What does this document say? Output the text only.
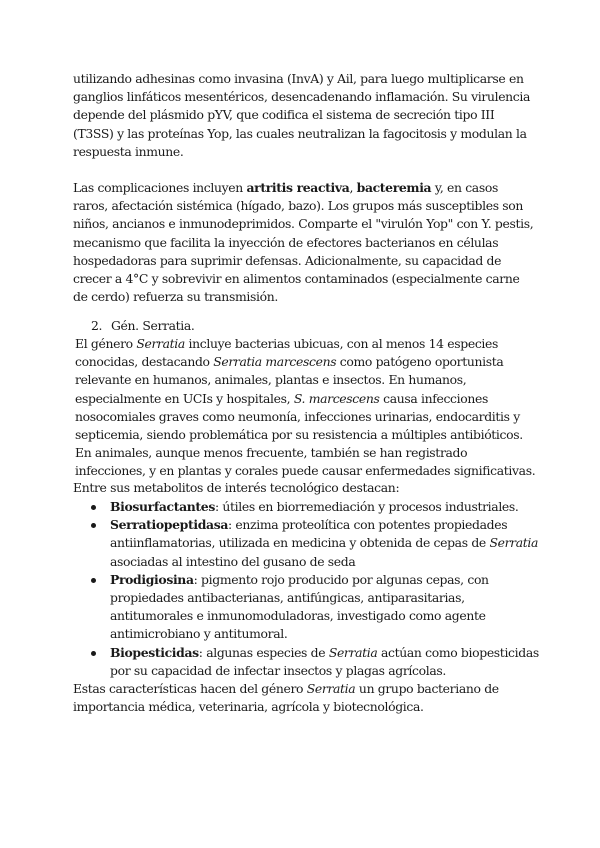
utilizando adhesinas como invasina (InvA) y Ail, para luego multiplicarse en ganglios linfáticos mesentéricos, desencadenando inflamación. Su virulencia depende del plásmido pYV, que codifica el sistema de secreción tipo III (T3SS) y las proteínas Yop, las cuales neutralizan la fagocitosis y modulan la respuesta inmune.

Las complicaciones incluyen artritis reactiva, bacteremia y, en casos raros, afectación sistémica (hígado, bazo). Los grupos más susceptibles son niños, ancianos e inmunodeprimidos. Comparte el "virulón Yop" con Y. pestis, mecanismo que facilita la inyección de efectores bacterianos en células hospedadoras para suprimir defensas. Adicionalmente, su capacidad de crecer a 4°C y sobrevivir en alimentos contaminados (especialmente carne de cerdo) refuerza su transmisión.

2. Gén. Serratia.

El género Serratia incluye bacterias ubicuas, con al menos 14 especies conocidas, destacando Serratia marcescens como patógeno oportunista relevante en humanos, animales, plantas e insectos. En humanos, especialmente en UCIs y hospitales, S. marcescens causa infecciones nosocomiales graves como neumonía, infecciones urinarias, endocarditis y septicemia, siendo problemática por su resistencia a múltiples antibióticos. En animales, aunque menos frecuente, también se han registrado infecciones, y en plantas y corales puede causar enfermedades significativas.

Entre sus metabolitos de interés tecnológico destacan:

Biosurfactantes: útiles en biorremediación y procesos industriales.
Serratiopeptidasa: enzima proteolítica con potentes propiedades antiinflamatorias, utilizada en medicina y obtenida de cepas de Serratia asociadas al intestino del gusano de seda
Prodigiosina: pigmento rojo producido por algunas cepas, con propiedades antibacterianas, antifúngicas, antiparasitarias, antitumorales e inmunomoduladoras, investigado como agente antimicrobiano y antitumoral.
Biopesticidas: algunas especies de Serratia actúan como biopesticidas por su capacidad de infectar insectos y plagas agrícolas.

Estas características hacen del género Serratia un grupo bacteriano de importancia médica, veterinaria, agrícola y biotecnológica.
